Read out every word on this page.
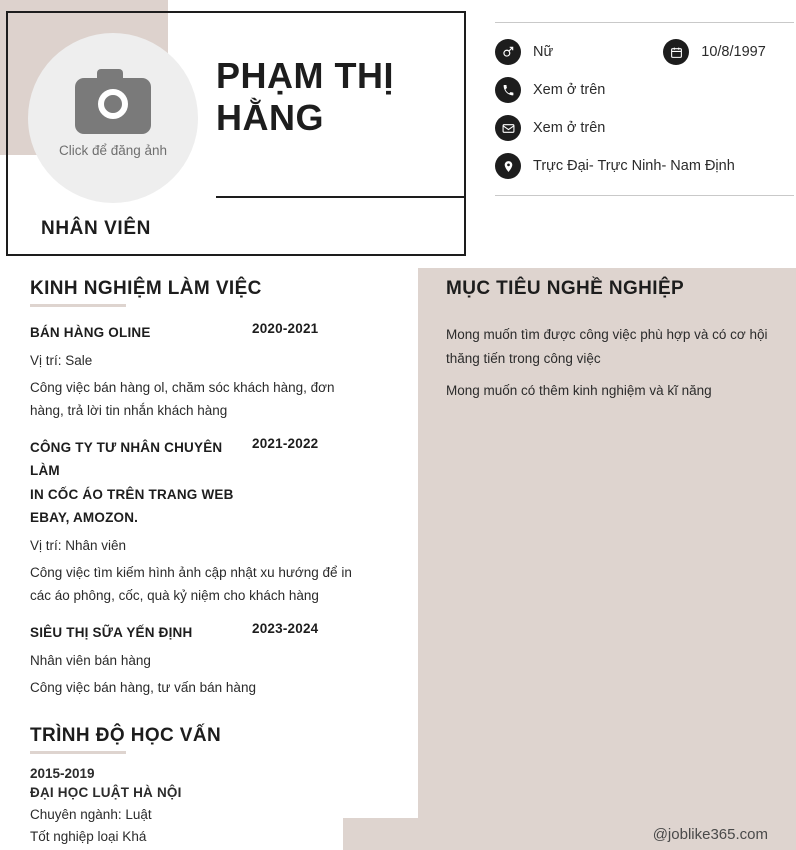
Click để đăng ảnh
PHẠM THỊ HẰNG
NHÂN VIÊN
Nữ	10/8/1997
Xem ở trên
Xem ở trên
Trực Đại- Trực Ninh- Nam Định
KINH NGHIỆM LÀM VIỆC
BÁN HÀNG OLINE	2020-2021
Vị trí: Sale
Công việc bán hàng ol, chăm sóc khách hàng, đơn hàng, trả lời tin nhắn khách hàng
CÔNG TY TƯ NHÂN CHUYÊN LÀM
IN CỐC ÁO TRÊN TRANG WEB
EBAY, AMOZON.
2021-2022
Vị trí: Nhân viên
Công việc tìm kiếm hình ảnh cập nhật xu hướng để in các áo phông, cốc, quà kỷ niệm cho khách hàng
SIÊU THỊ SỮA YẾN ĐỊNH	2023-2024
Nhân viên bán hàng
Công việc bán hàng, tư vấn bán hàng
TRÌNH ĐỘ HỌC VẤN
2015-2019
ĐẠI HỌC LUẬT HÀ NỘI
Chuyên ngành: Luật
Tốt nghiệp loại Khá
MỤC TIÊU NGHỀ NGHIỆP
Mong muốn tìm được công việc phù hợp và có cơ hội
thăng tiến trong công việc
Mong muốn có thêm kinh nghiệm và kĩ năng
@joblike365.com
